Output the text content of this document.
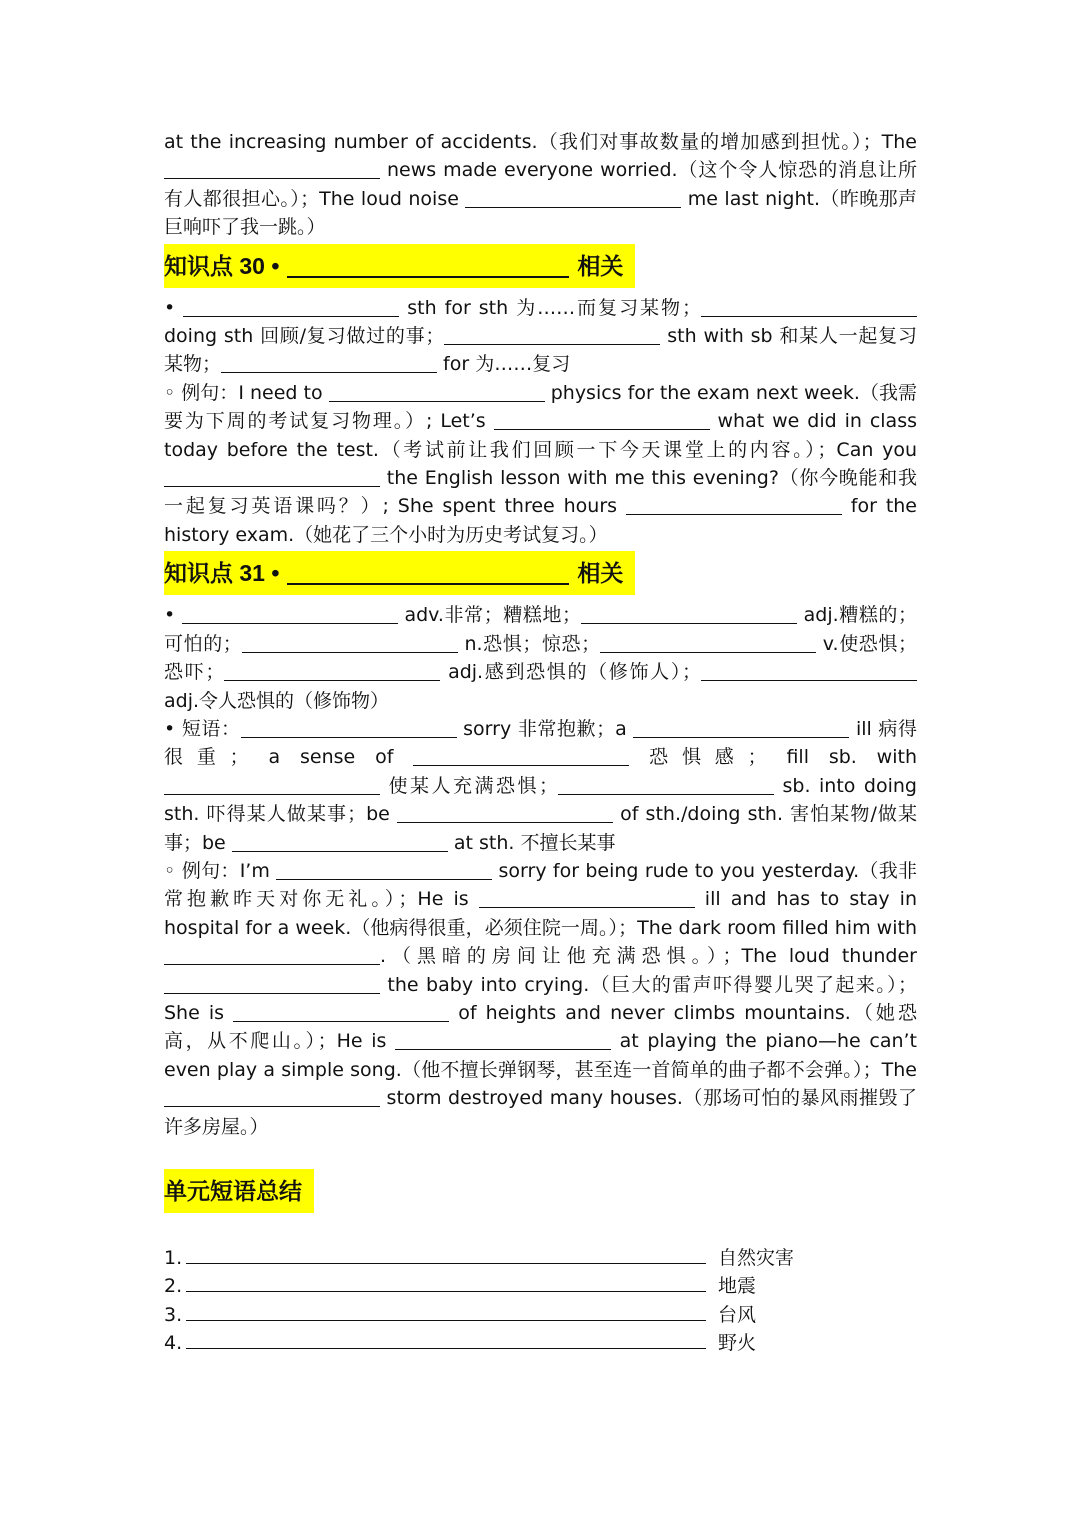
at the increasing number of accidents.（我们对事故数量的增加感到担忧。）；The  news made everyone worried.（这个令人惊恐的消息让所有人都很担心。）；The loud noise	me last night.（昨晚那声巨响吓了我一跳。）

知识点 30 •	相关

•	sth for sth 为……而复习某物；doing sth 回顾/复习做过的事；	sth with sb 和某人一起复习某物；	for 为……复习

◦ 例句：I need to	physics for the exam next week.（我需要为下周的考试复习物理。）; Let’s	what we did in class today before the test.（考试前让我们回顾一下今天课堂上的内容。）；Can you  the English lesson with me this evening?（你今晚能和我一起复习英语课吗？）; She spent three hours	for the history exam.（她花了三个小时为历史考试复习。）

知识点 31 •	相关

•	adv.非常；糟糕地；	adj.糟糕的；可怕的；	n.恐惧；惊恐；	v.使恐惧；恐吓；	adj.感到恐惧的（修饰人）；adj.令人恐惧的（修饰物）

• 短语：	sorry 非常抱歉；a	ill 病得很重； a sense of	恐惧感； fill sb. with  使某人充满恐惧；	sb. into doing sth. 吓得某人做某事；be	of sth./doing sth. 害怕某物/做某事；be	at sth. 不擅长某事

◦ 例句：I’m	sorry for being rude to you yesterday.（我非常抱歉昨天对你无礼。）；He is	ill and has to stay in hospital for a week.（他病得很重，必须住院一周。）；The dark room filled him with .（黑暗的房间让他充满恐惧。）；The loud thunder  the baby into crying.（巨大的雷声吓得婴儿哭了起来。）；She is	of heights and never climbs mountains.（她恐高，从不爬山。）；He is	at playing the piano—he can’t even play a simple song.（他不擅长弹钢琴，甚至连一首简单的曲子都不会弹。）；The  storm destroyed many houses.（那场可怕的暴风雨摧毁了许多房屋。）

单元短语总结
1.	自然灾害
2.	地震
3.	台风
4.	野火
